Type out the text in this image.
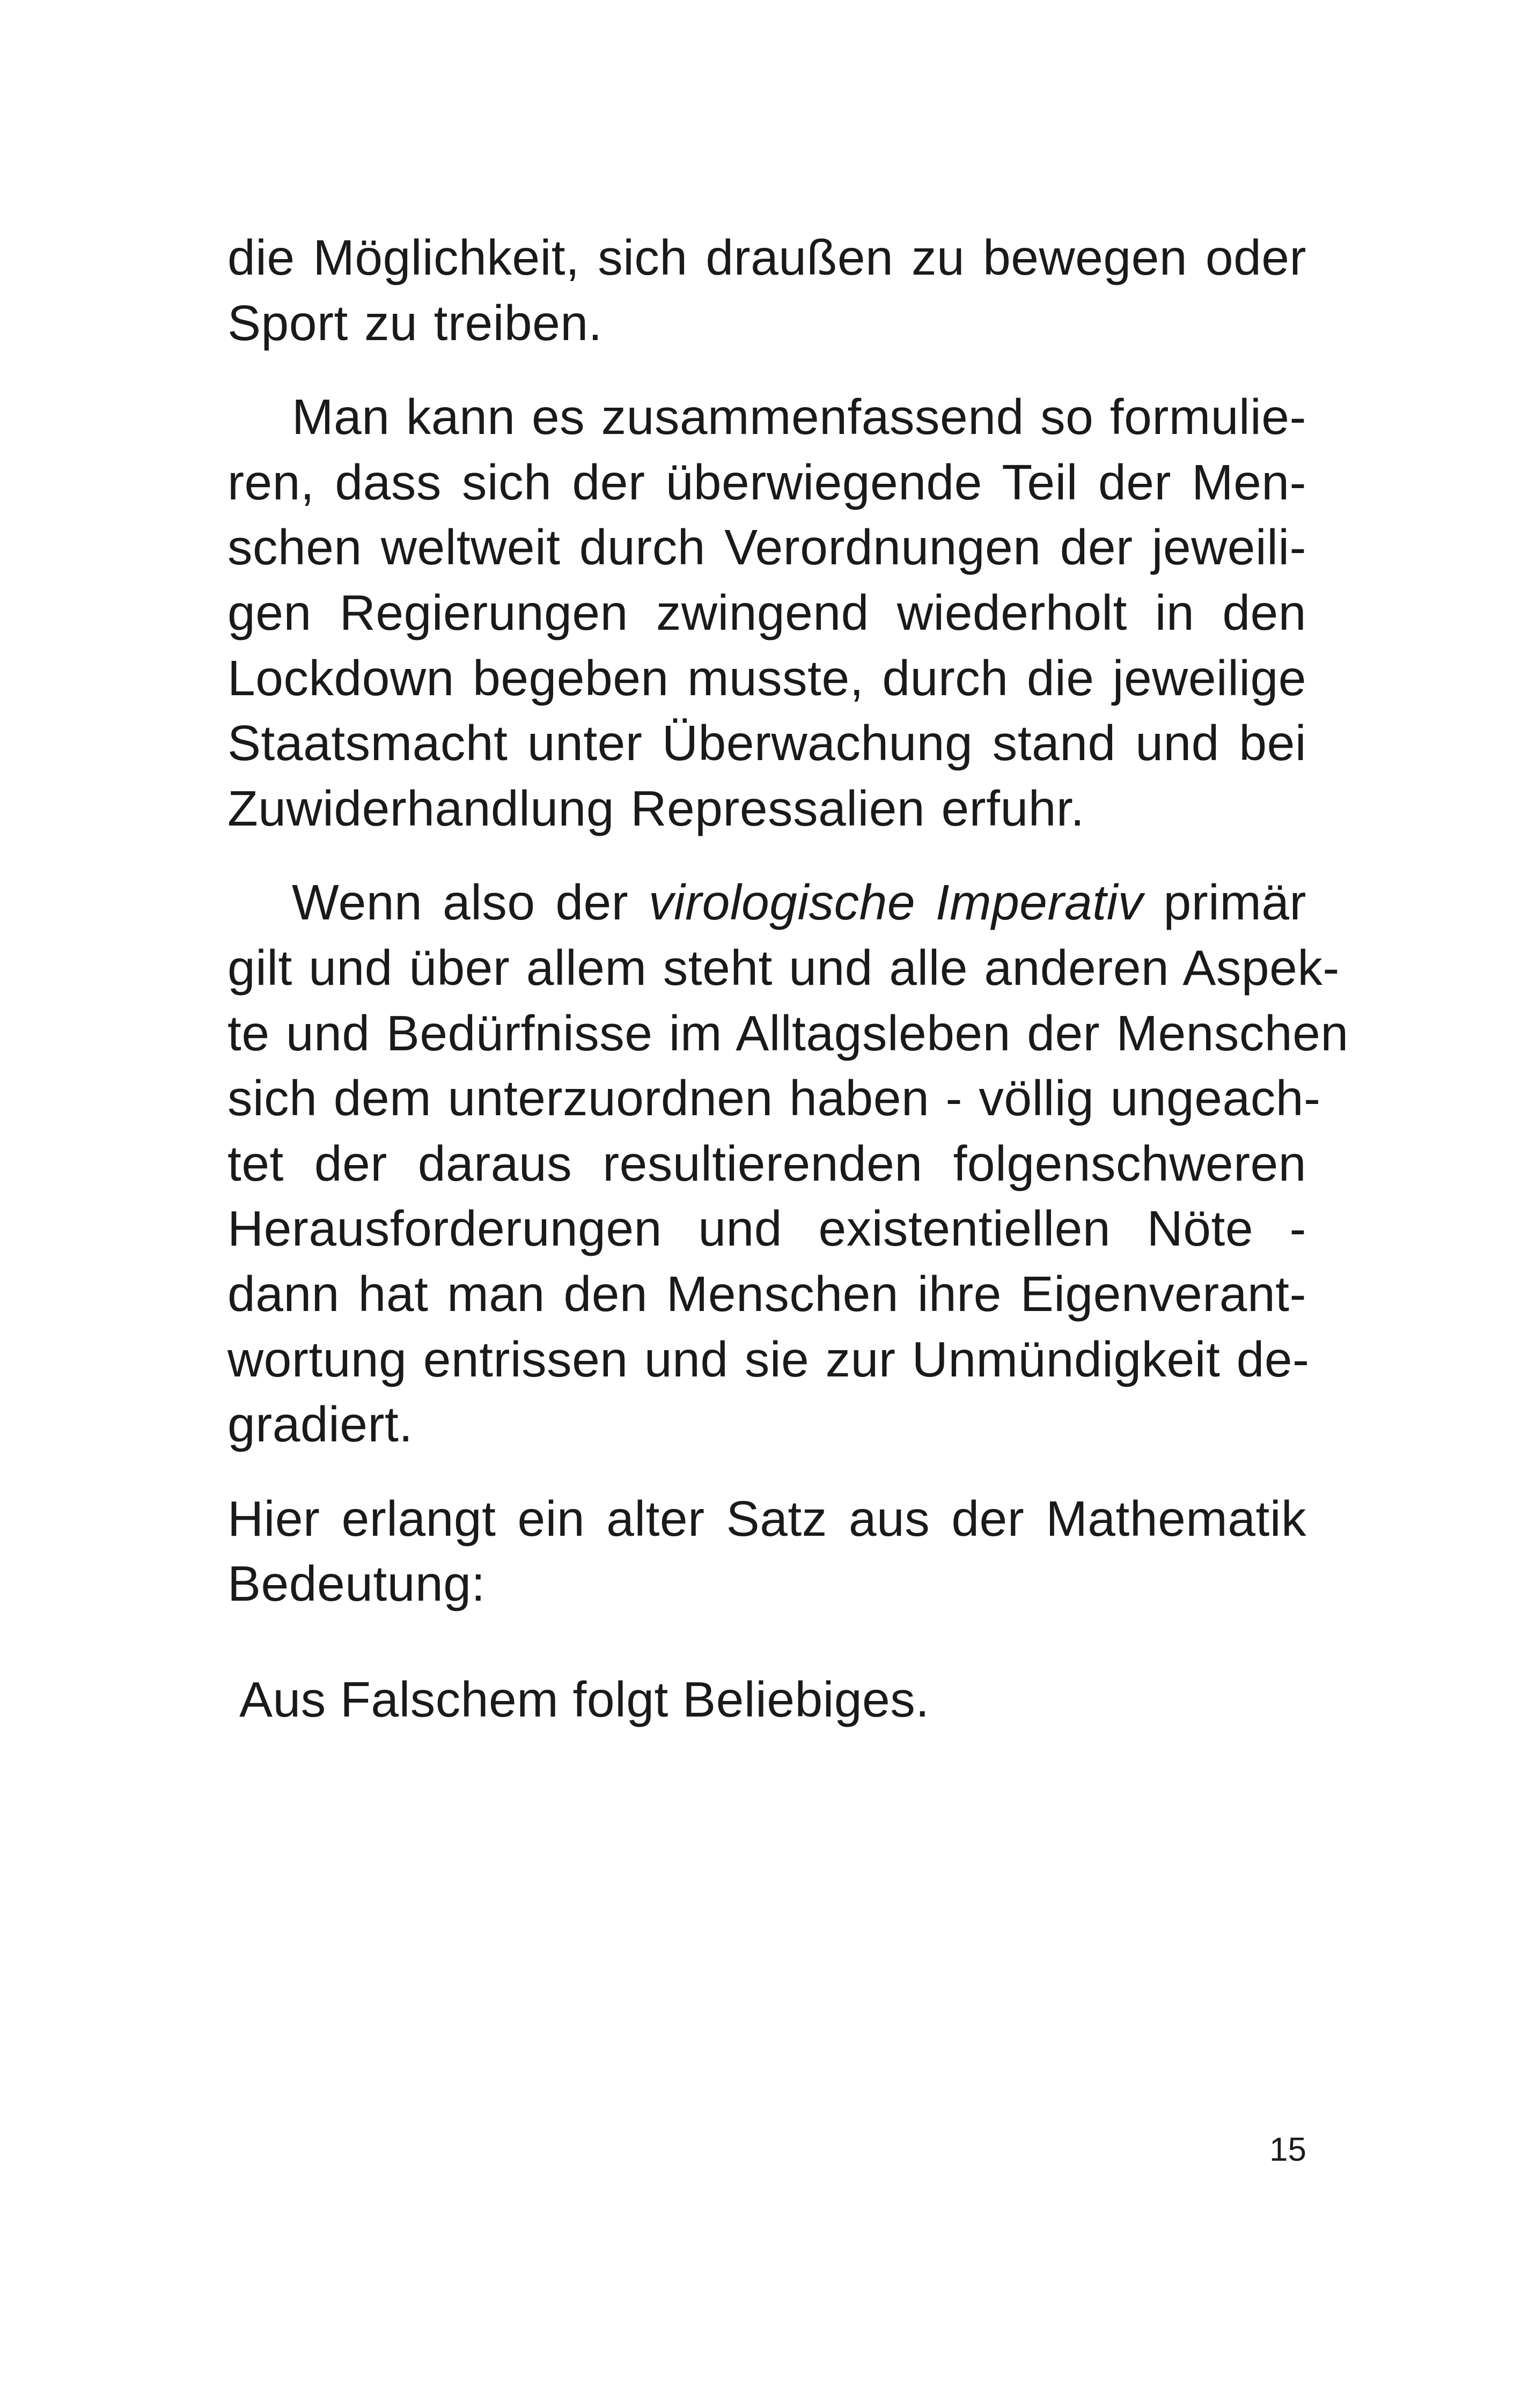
die Möglichkeit, sich draußen zu bewegen oder
Sport zu treiben.

Man kann es zusammenfassend so formulie-
ren, dass sich der überwiegende Teil der Men-
schen weltweit durch Verordnungen der jeweili-
gen Regierungen zwingend wiederholt in den
Lockdown begeben musste, durch die jeweilige
Staatsmacht unter Überwachung stand und bei
Zuwiderhandlung Repressalien erfuhr.

Wenn also der virologische Imperativ primär
gilt und über allem steht und alle anderen Aspek-
te und Bedürfnisse im Alltagsleben der Menschen
sich dem unterzuordnen haben - völlig ungeach-
tet der daraus resultierenden folgenschweren
Herausforderungen und existentiellen Nöte -
dann hat man den Menschen ihre Eigenverant-
wortung entrissen und sie zur Unmündigkeit de-
gradiert.

Hier erlangt ein alter Satz aus der Mathematik
Bedeutung:

Aus Falschem folgt Beliebiges.
15
